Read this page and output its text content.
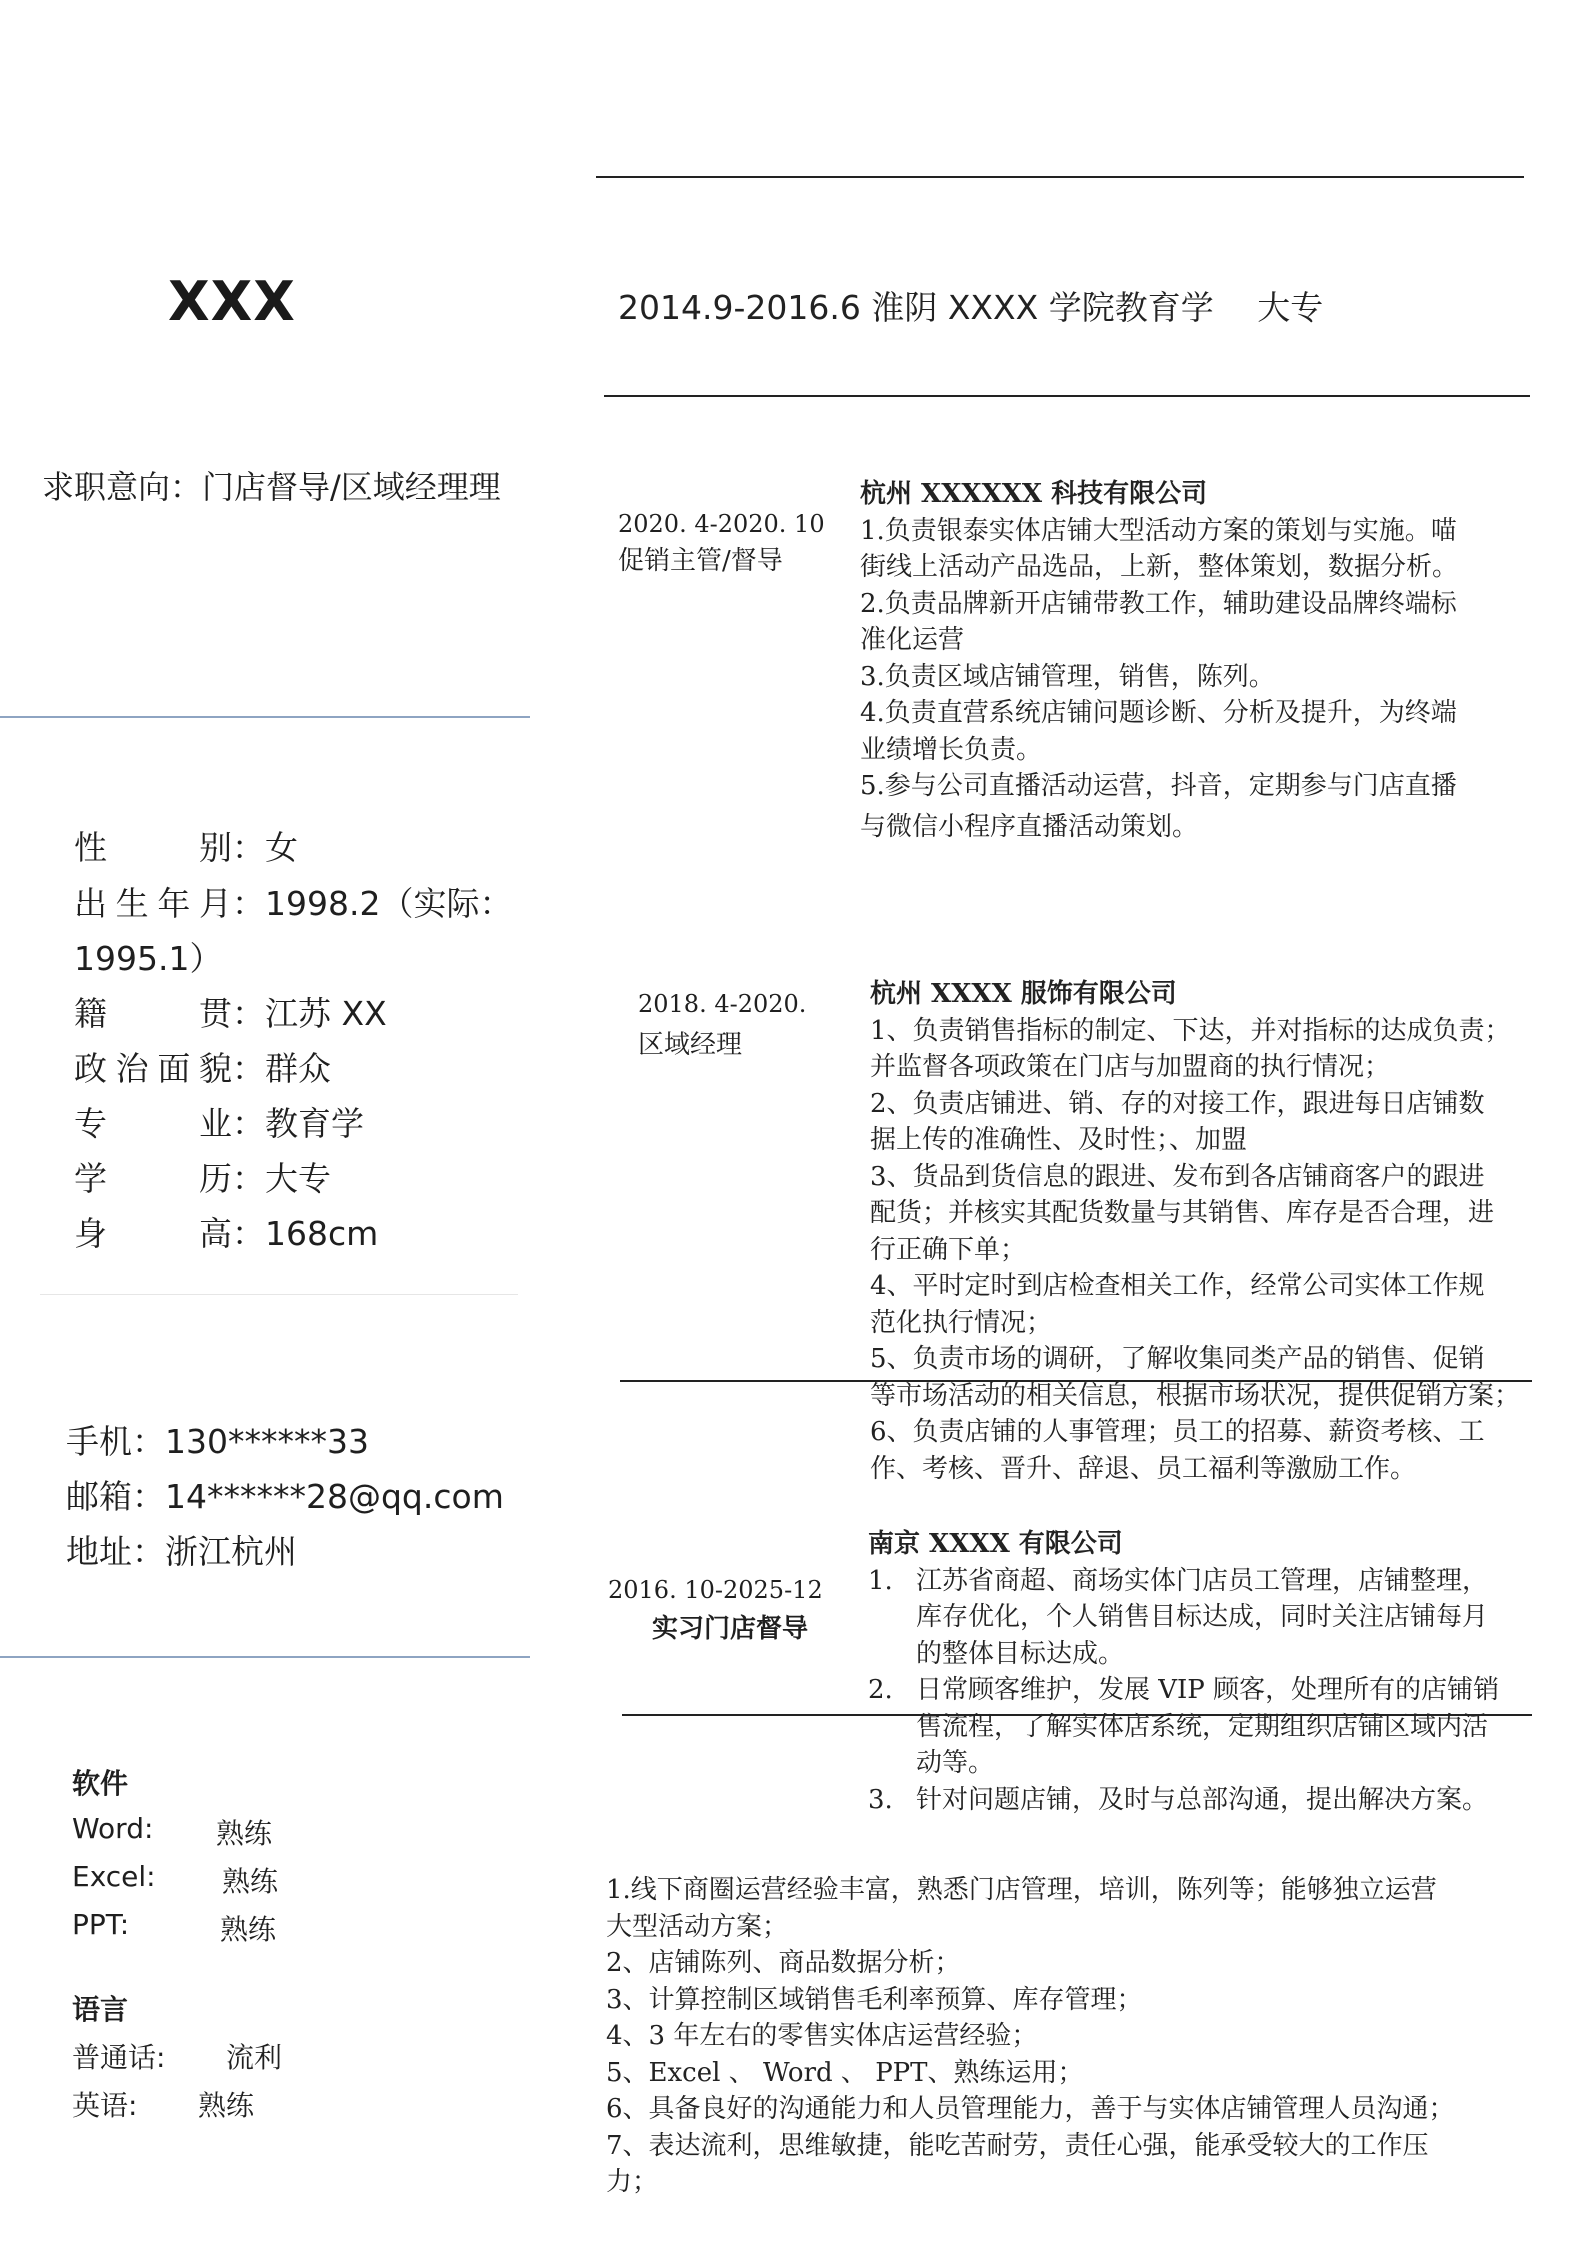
XXX
求职意向：门店督导/区域经理理
性　　别：女
出生年月：1998.2（实际：
1995.1）
籍　　贯：江苏 XX
政治面貌：群众
专　　业：教育学
学　　历：大专
身　　高：168cm
手机：130******33
邮箱：14******28@qq.com
地址：浙江杭州
软件
Word: 熟练
Excel: 熟练
PPT:	熟练
语言
普通话: 流利
英语: 熟练
2014.9-2016.6 淮阴 XXXX 学院教育学　 大专
2020. 4-2020. 10
促销主管/督导

杭州 XXXXXX 科技有限公司

1.负责银泰实体店铺大型活动方案的策划与实施。喵

街线上活动产品选品，上新，整体策划，数据分析。

2.负责品牌新开店铺带教工作，辅助建设品牌终端标

准化运营

3.负责区域店铺管理，销售，陈列。

4.负责直营系统店铺问题诊断、分析及提升，为终端

业绩增长负责。

5.参与公司直播活动运营，抖音，定期参与门店直播

与微信小程序直播活动策划。

2018. 4-2020.
区域经理

杭州 XXXX 服饰有限公司

1、负责销售指标的制定、下达，并对指标的达成负责；

并监督各项政策在门店与加盟商的执行情况；

2、负责店铺进、销、存的对接工作，跟进每日店铺数

据上传的准确性、及时性；、加盟

3、货品到货信息的跟进、发布到各店铺商客户的跟进

配货；并核实其配货数量与其销售、库存是否合理，进

行正确下单；

4、平时定时到店检查相关工作，经常公司实体工作规

范化执行情况；

5、负责市场的调研，了解收集同类产品的销售、促销

等市场活动的相关信息，根据市场状况，提供促销方案；

6、负责店铺的人事管理；员工的招募、薪资考核、工

作、考核、晋升、辞退、员工福利等激励工作。

2016. 10-2025-12
实习门店督导

南京 XXXX 有限公司

1. 江苏省商超、商场实体门店员工管理，店铺整理，

库存优化，个人销售目标达成，同时关注店铺每月

的整体目标达成。

2. 日常顾客维护，发展 VIP 顾客，处理所有的店铺销

售流程，了解实体店系统，定期组织店铺区域内活

动等。

3. 针对问题店铺，及时与总部沟通，提出解决方案。

1.线下商圈运营经验丰富，熟悉门店管理，培训，陈列等；能够独立运营

大型活动方案；

2、店铺陈列、商品数据分析；

3、计算控制区域销售毛利率预算、库存管理；

4、3 年左右的零售实体店运营经验；

5、Excel 、 Word 、 PPT、熟练运用；

6、具备良好的沟通能力和人员管理能力，善于与实体店铺管理人员沟通；

7、表达流利，思维敏捷，能吃苦耐劳，责任心强，能承受较大的工作压

力；
